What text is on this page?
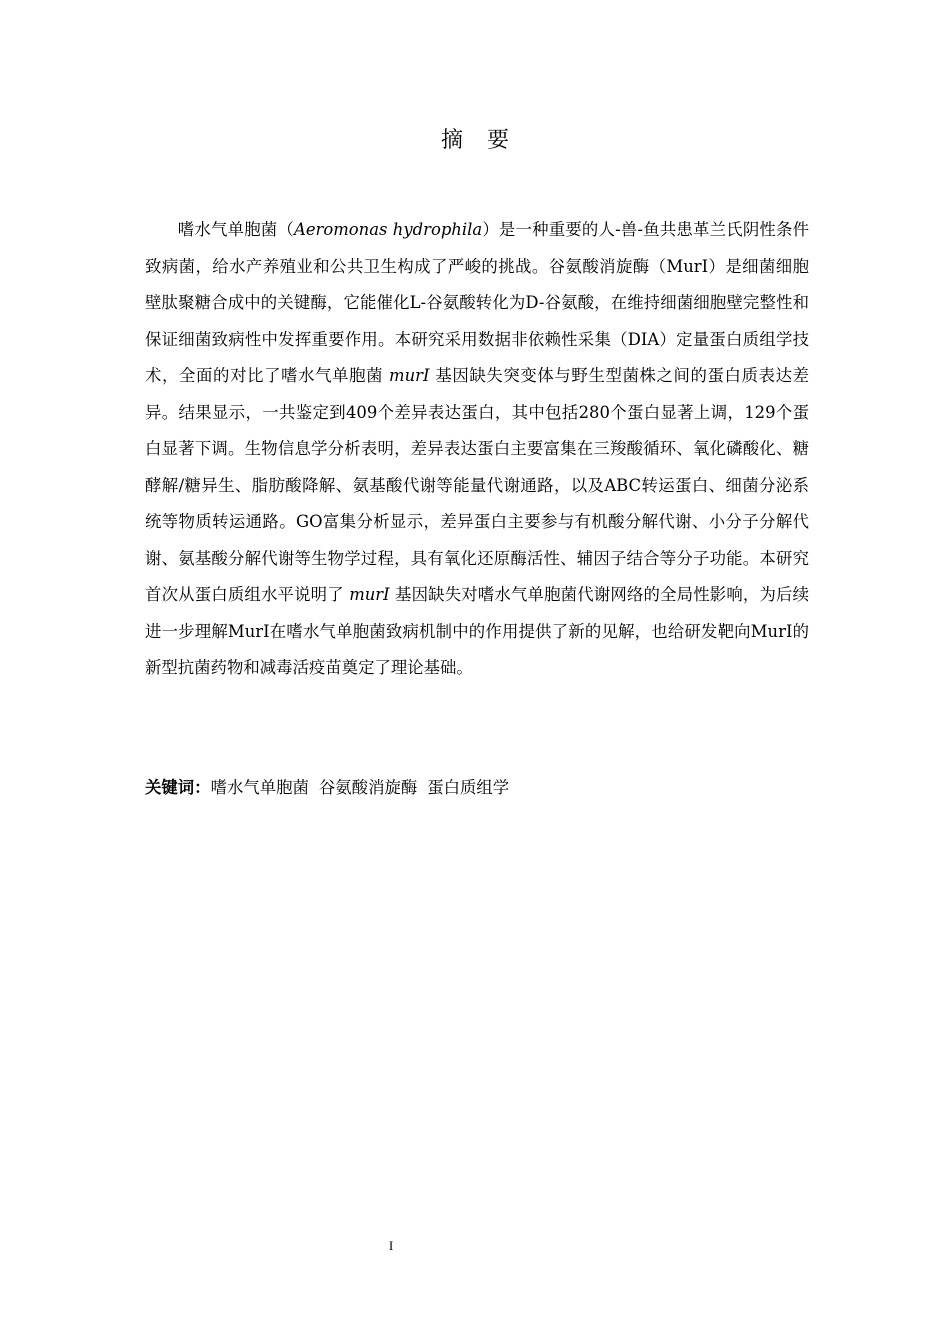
摘要

嗜水气单胞菌（Aeromonas hydrophila）是一种重要的人-兽-鱼共患革兰氏阴性条件致病菌，给水产养殖业和公共卫生构成了严峻的挑战。谷氨酸消旋酶（MurI）是细菌细胞壁肽聚糖合成中的关键酶，它能催化L-谷氨酸转化为D-谷氨酸，在维持细菌细胞壁完整性和保证细菌致病性中发挥重要作用。本研究采用数据非依赖性采集（DIA）定量蛋白质组学技术，全面的对比了嗜水气单胞菌 murI 基因缺失突变体与野生型菌株之间的蛋白质表达差异。结果显示，一共鉴定到409个差异表达蛋白，其中包括280个蛋白显著上调，129个蛋白显著下调。生物信息学分析表明，差异表达蛋白主要富集在三羧酸循环、氧化磷酸化、糖酵解/糖异生、脂肪酸降解、氨基酸代谢等能量代谢通路，以及ABC转运蛋白、细菌分泌系统等物质转运通路。GO富集分析显示，差异蛋白主要参与有机酸分解代谢、小分子分解代谢、氨基酸分解代谢等生物学过程，具有氧化还原酶活性、辅因子结合等分子功能。本研究首次从蛋白质组水平说明了 murI 基因缺失对嗜水气单胞菌代谢网络的全局性影响，为后续进一步理解MurI在嗜水气单胞菌致病机制中的作用提供了新的见解，也给研发靶向MurI的新型抗菌药物和减毒活疫苗奠定了理论基础。

关键词：嗜水气单胞菌 谷氨酸消旋酶 蛋白质组学

I
